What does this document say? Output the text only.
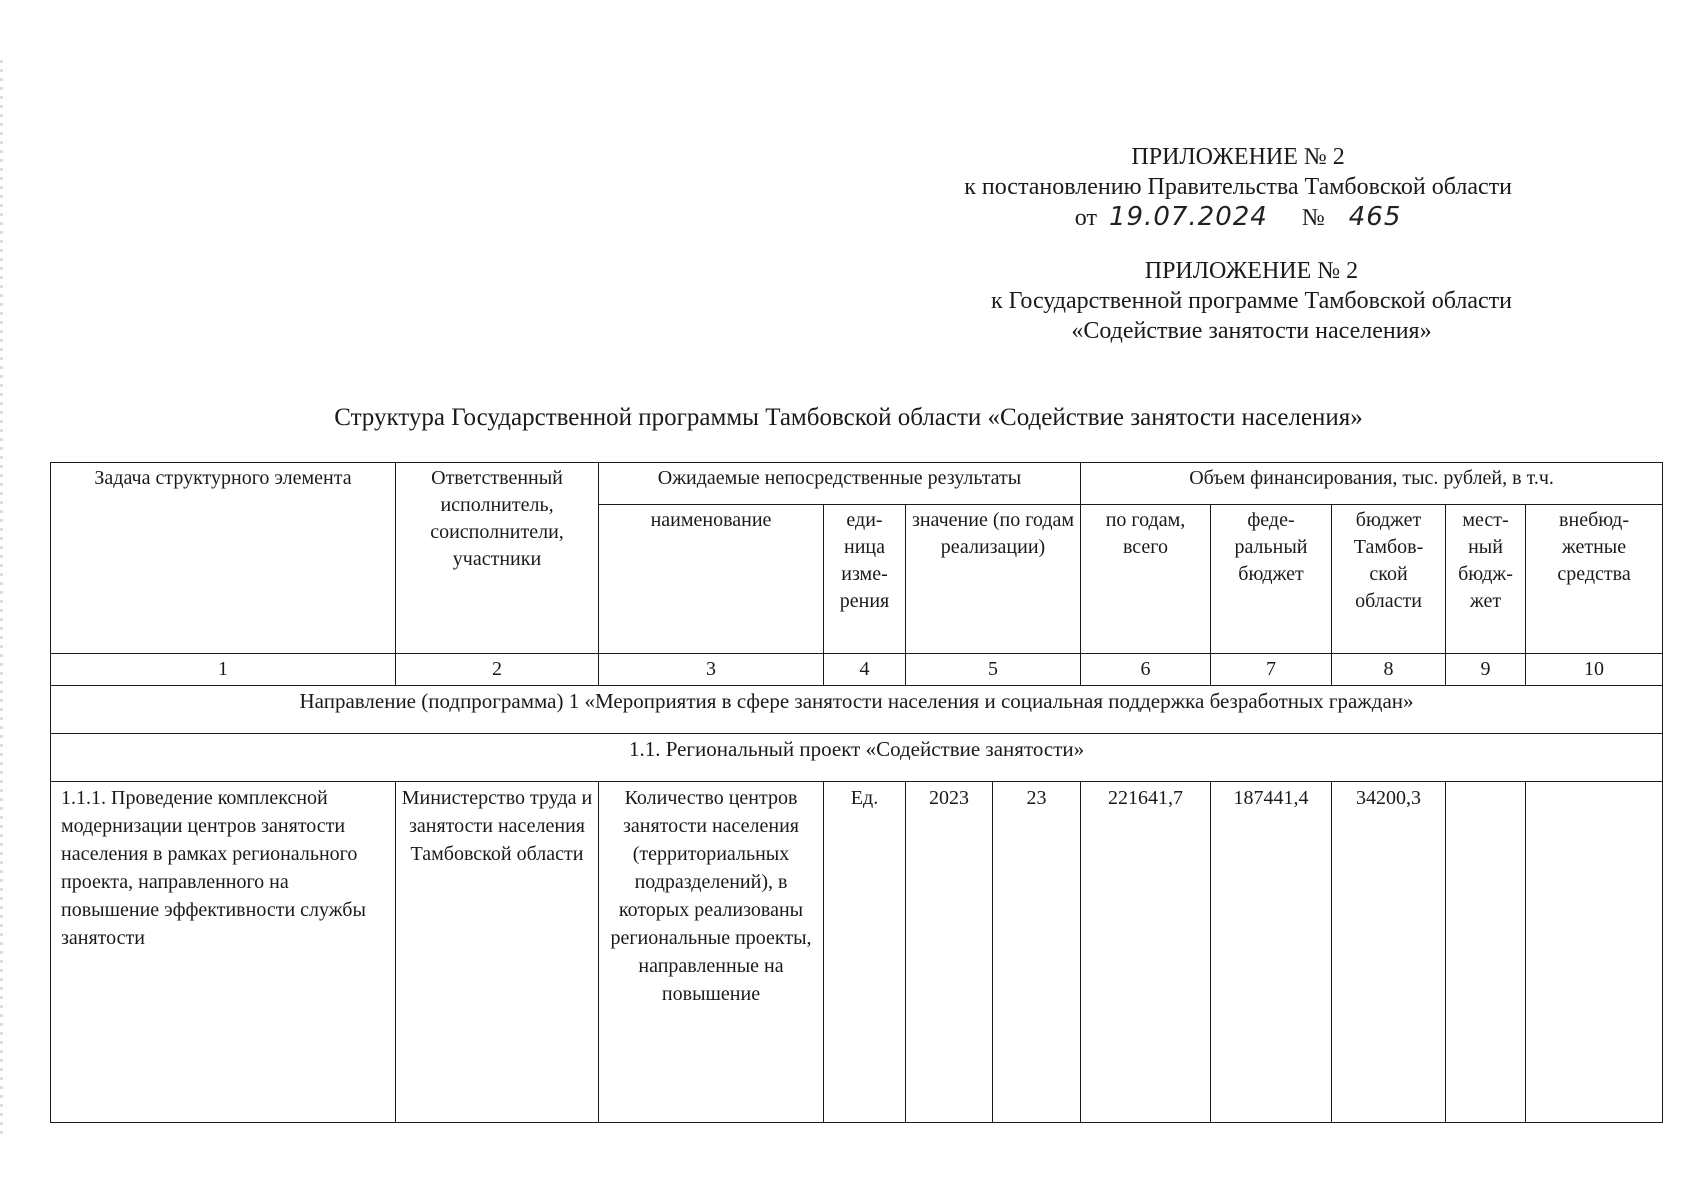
ПРИЛОЖЕНИЕ № 2
к постановлению Правительства Тамбовской области
от 19.07.2024 № 465
ПРИЛОЖЕНИЕ № 2
к Государственной программе Тамбовской области
«Содействие занятости населения»
Структура Государственной программы Тамбовской области «Содействие занятости населения»
Задача структурного элемента	Ответственный исполнитель, соисполнители, участники	Ожидаемые непосредственные результаты				Объем финансирования, тыс. рублей, в т.ч.				
		наименование	еди- ница изме- рения	значение (по годам реализации)		по годам, всего	феде- ральный бюджет	бюджет Тамбов- ской области	мест- ный бюдж- жет	внебюд- жетные средства
1	2	3	4	5		6	7	8	9	10
Направление (подпрограмма) 1 «Мероприятия в сфере занятости населения и социальная поддержка безработных граждан»										
1.1. Региональный проект «Содействие занятости»										
1.1.1. Проведение комплексной модернизации центров занятости населения в рамках регионального проекта, направленного на повышение эффективности службы занятости	Министерство труда и занятости населения Тамбовской области	Количество центров занятости населения (территориальных подразделений), в которых реализованы региональные проекты, направленные на повышение	Ед.	2023	23	221641,7	187441,4	34200,3		
